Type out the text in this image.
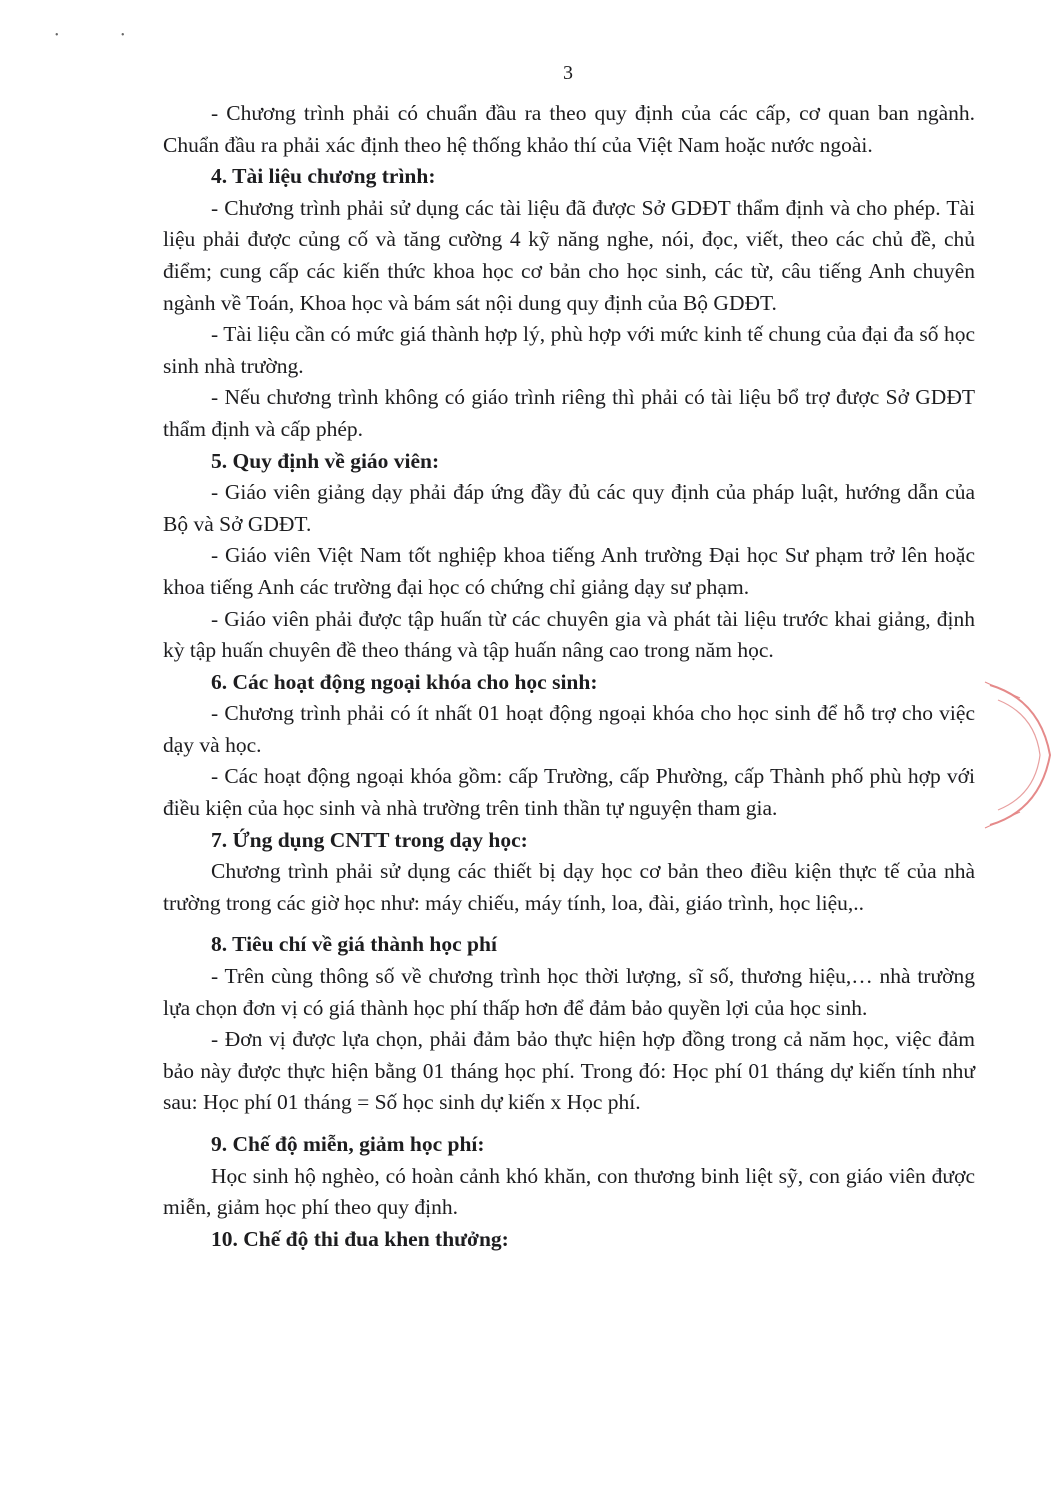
• •
3

- Chương trình phải có chuẩn đầu ra theo quy định của các cấp, cơ quan ban ngành. Chuẩn đầu ra phải xác định theo hệ thống khảo thí của Việt Nam hoặc nước ngoài.

4. Tài liệu chương trình:

- Chương trình phải sử dụng các tài liệu đã được Sở GDĐT thẩm định và cho phép. Tài liệu phải được củng cố và tăng cường 4 kỹ năng nghe, nói, đọc, viết, theo các chủ đề, chủ điểm; cung cấp các kiến thức khoa học cơ bản cho học sinh, các từ, câu tiếng Anh chuyên ngành về Toán, Khoa học và bám sát nội dung quy định của Bộ GDĐT.

- Tài liệu cần có mức giá thành hợp lý, phù hợp với mức kinh tế chung của đại đa số học sinh nhà trường.

- Nếu chương trình không có giáo trình riêng thì phải có tài liệu bổ trợ được Sở GDĐT thẩm định và cấp phép.

5. Quy định về giáo viên:

- Giáo viên giảng dạy phải đáp ứng đầy đủ các quy định của pháp luật, hướng dẫn của Bộ và Sở GDĐT.

- Giáo viên Việt Nam tốt nghiệp khoa tiếng Anh trường Đại học Sư phạm trở lên hoặc khoa tiếng Anh các trường đại học có chứng chỉ giảng dạy sư phạm.

- Giáo viên phải được tập huấn từ các chuyên gia và phát tài liệu trước khai giảng, định kỳ tập huấn chuyên đề theo tháng và tập huấn nâng cao trong năm học.

6. Các hoạt động ngoại khóa cho học sinh:

- Chương trình phải có ít nhất 01 hoạt động ngoại khóa cho học sinh để hỗ trợ cho việc dạy và học.

- Các hoạt động ngoại khóa gồm: cấp Trường, cấp Phường, cấp Thành phố phù hợp với điều kiện của học sinh và nhà trường trên tinh thần tự nguyện tham gia.

7. Ứng dụng CNTT trong dạy học:

Chương trình phải sử dụng các thiết bị dạy học cơ bản theo điều kiện thực tế của nhà trường trong các giờ học như: máy chiếu, máy tính, loa, đài, giáo trình, học liệu,..

8. Tiêu chí về giá thành học phí

- Trên cùng thông số về chương trình học thời lượng, sĩ số, thương hiệu,… nhà trường lựa chọn đơn vị có giá thành học phí thấp hơn để đảm bảo quyền lợi của học sinh.

- Đơn vị được lựa chọn, phải đảm bảo thực hiện hợp đồng trong cả năm học, việc đảm bảo này được thực hiện bằng 01 tháng học phí. Trong đó: Học phí 01 tháng dự kiến tính như sau: Học phí 01 tháng = Số học sinh dự kiến x Học phí.

9. Chế độ miễn, giảm học phí:

Học sinh hộ nghèo, có hoàn cảnh khó khăn, con thương binh liệt sỹ, con giáo viên được miễn, giảm học phí theo quy định.

10. Chế độ thi đua khen thưởng:
